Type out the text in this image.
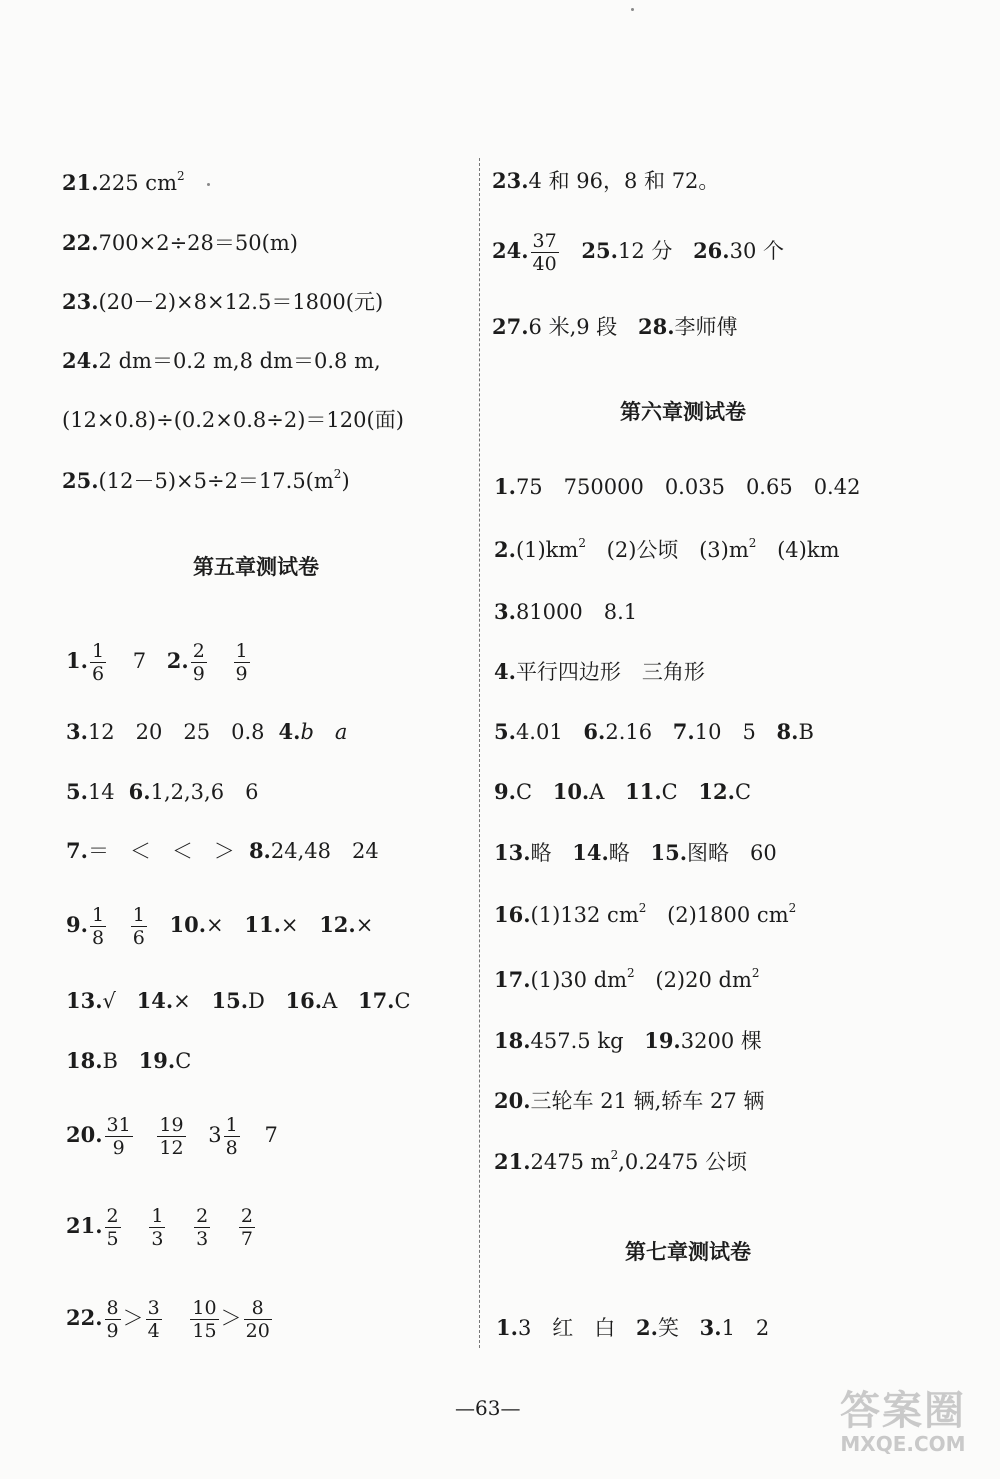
21.225 $cm^2$
22.700×2÷28＝50(m)
23.(20－2)×8×12.5＝1800(元)
24.2 dm＝0.2 m,8 dm＝0.8 m,
(12×0.8)÷(0.2×0.8÷2)＝120(面)
$25.(12-5)\times 5\div 2=17.5(m^2)$
第五章测试卷
1. $\frac{1}{6} 7$ 2. $\frac{2}{9}$
$\frac{1}{9}$
3.12　20　25　0.8 4.b　a
5.14 6.1,2,3,6　6
7.＝　＜　＜　＞ 8.24,48　24
9. $\frac{1}{8}$
$\frac{1}{6} 10.\times 11.\times 12.\times$
13.√ 14.× 15.D 16.A 17.C
18.B 19.C
20. $\frac{31}{9}$
$\frac{19}{12} 3 \frac{1}{8} 7$
21. $\frac{2}{5}$
$\frac{1}{3}$
$\frac{2}{3}$
$\frac{2}{7}$
22. $\frac{8}{9} > \frac{3}{4}$
$\frac{10}{15} > \frac{8}{20}$
23.4 和 96，8 和 72。
24. $\frac{37}{40} 25.12$ 分 26.30 个
27.6 米,9 段 28.李师傅
第六章测试卷
1.75　750000　0.035　0.65　0.42
$2.(1)km^2$ (2)公顷 $(3)m^2$ (4)km
3.81000　8.1
4.平行四边形　三角形
5.4.01 6.2.16 7.10　5 8.B
9.C 10.A 11.C 12.C
13.略 14.略 15.图略　60
16.(1)132 $cm^2$ (2)1800 $cm^2$
17.(1)30 $dm^2$ (2)20 $dm^2$
18.457.5 kg 19.3200 棵
20.三轮车 21 辆,轿车 27 辆
21.2475 $m^2,0.2475$ 公顷
第七章测试卷
1.3　红　白 2.笑 3.1　2
—63—	答案圈
MXQE.COM
